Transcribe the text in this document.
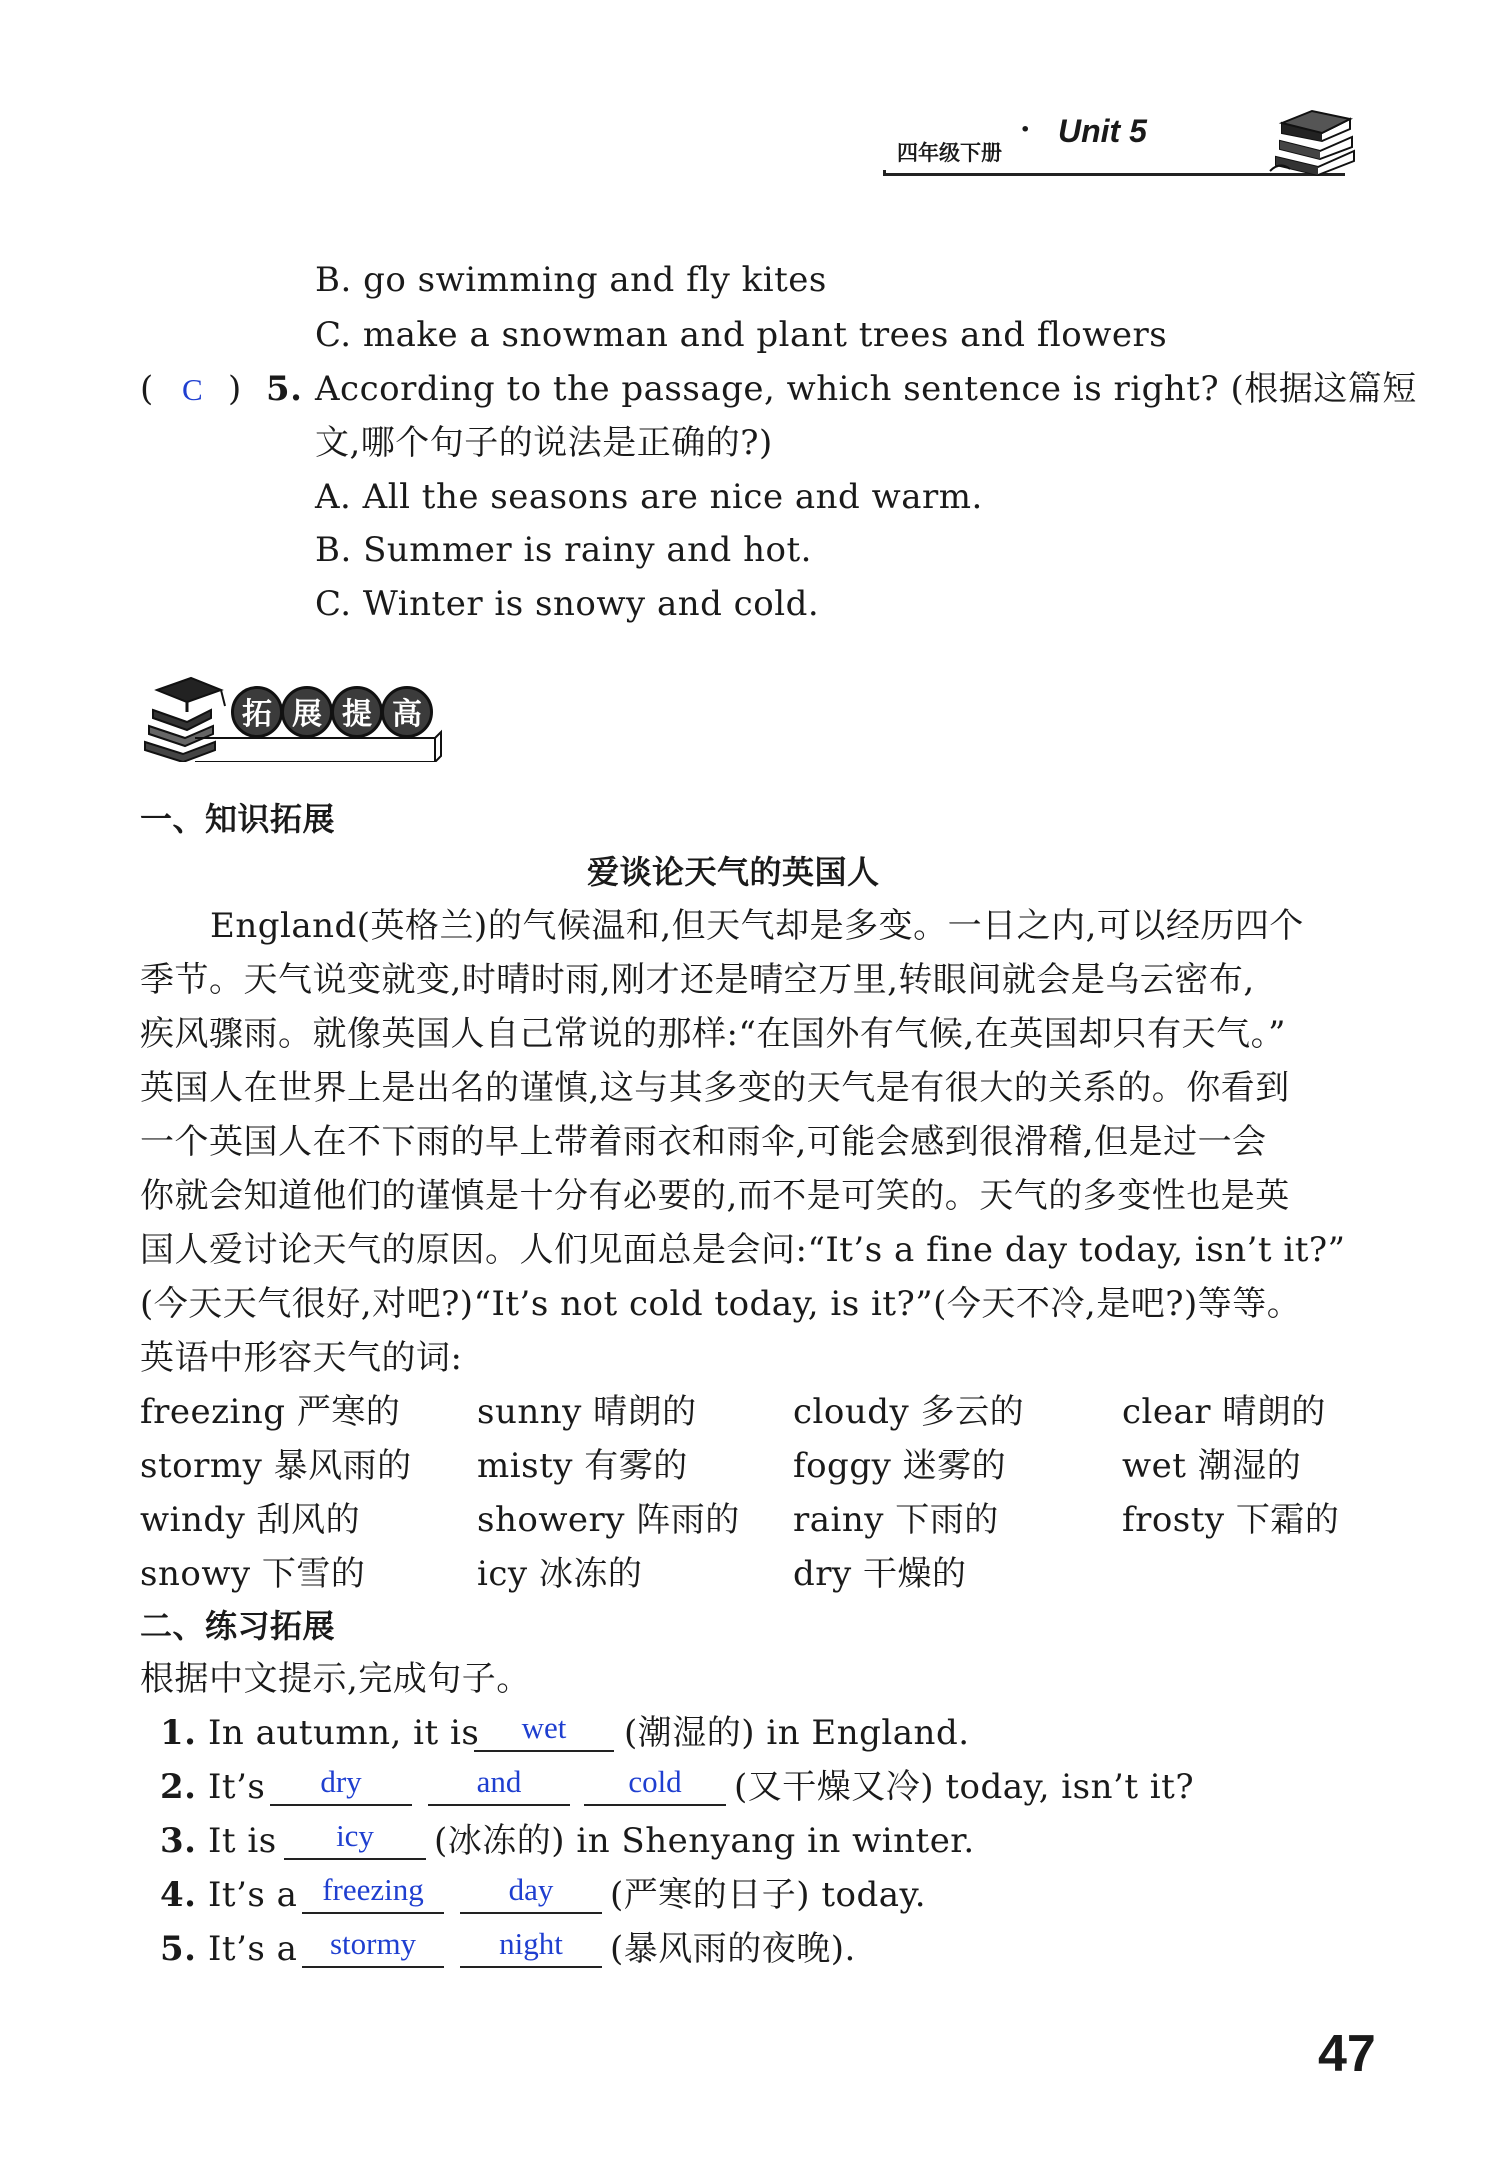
四年级下册
· Unit 5
B. go swimming and fly kites
C. make a snowman and plant trees and flowers
( C ) 5. According to the passage, which sentence is right? (根据这篇短
文,哪个句子的说法是正确的?)
A. All the seasons are nice and warm.
B. Summer is rainy and hot.
C. Winter is snowy and cold.
拓 展 提 高
一、知识拓展
爱谈论天气的英国人
England(英格兰)的气候温和,但天气却是多变。一日之内,可以经历四个
季节。天气说变就变,时晴时雨,刚才还是晴空万里,转眼间就会是乌云密布,
疾风骤雨。就像英国人自己常说的那样:“在国外有气候,在英国却只有天气。”
英国人在世界上是出名的谨慎,这与其多变的天气是有很大的关系的。你看到
一个英国人在不下雨的早上带着雨衣和雨伞,可能会感到很滑稽,但是过一会
你就会知道他们的谨慎是十分有必要的,而不是可笑的。天气的多变性也是英
国人爱讨论天气的原因。人们见面总是会问:“It’s a fine day today, isn’t it?”
(今天天气很好,对吧?)“It’s not cold today, is it?”(今天不冷,是吧?)等等。
英语中形容天气的词:
freezing 严寒的 sunny 晴朗的	cloudy 多云的	clear 晴朗的
stormy 暴风雨的 misty 有雾的	foggy 迷雾的	wet 潮湿的
windy 刮风的	showery 阵雨的 rainy 下雨的	frosty 下霜的
snowy 下雪的	icy 冰冻的	dry 干燥的
二、练习拓展
根据中文提示,完成句子。
1. In autumn, it is	wet	(潮湿的) in England.
2. It’s	dry	and	cold	(又干燥又冷) today, isn’t it?
3. It is	icy	(冰冻的) in Shenyang in winter.
4. It’s a freezing	day	(严寒的日子) today.
5. It’s a	stormy	night	(暴风雨的夜晚).
47
